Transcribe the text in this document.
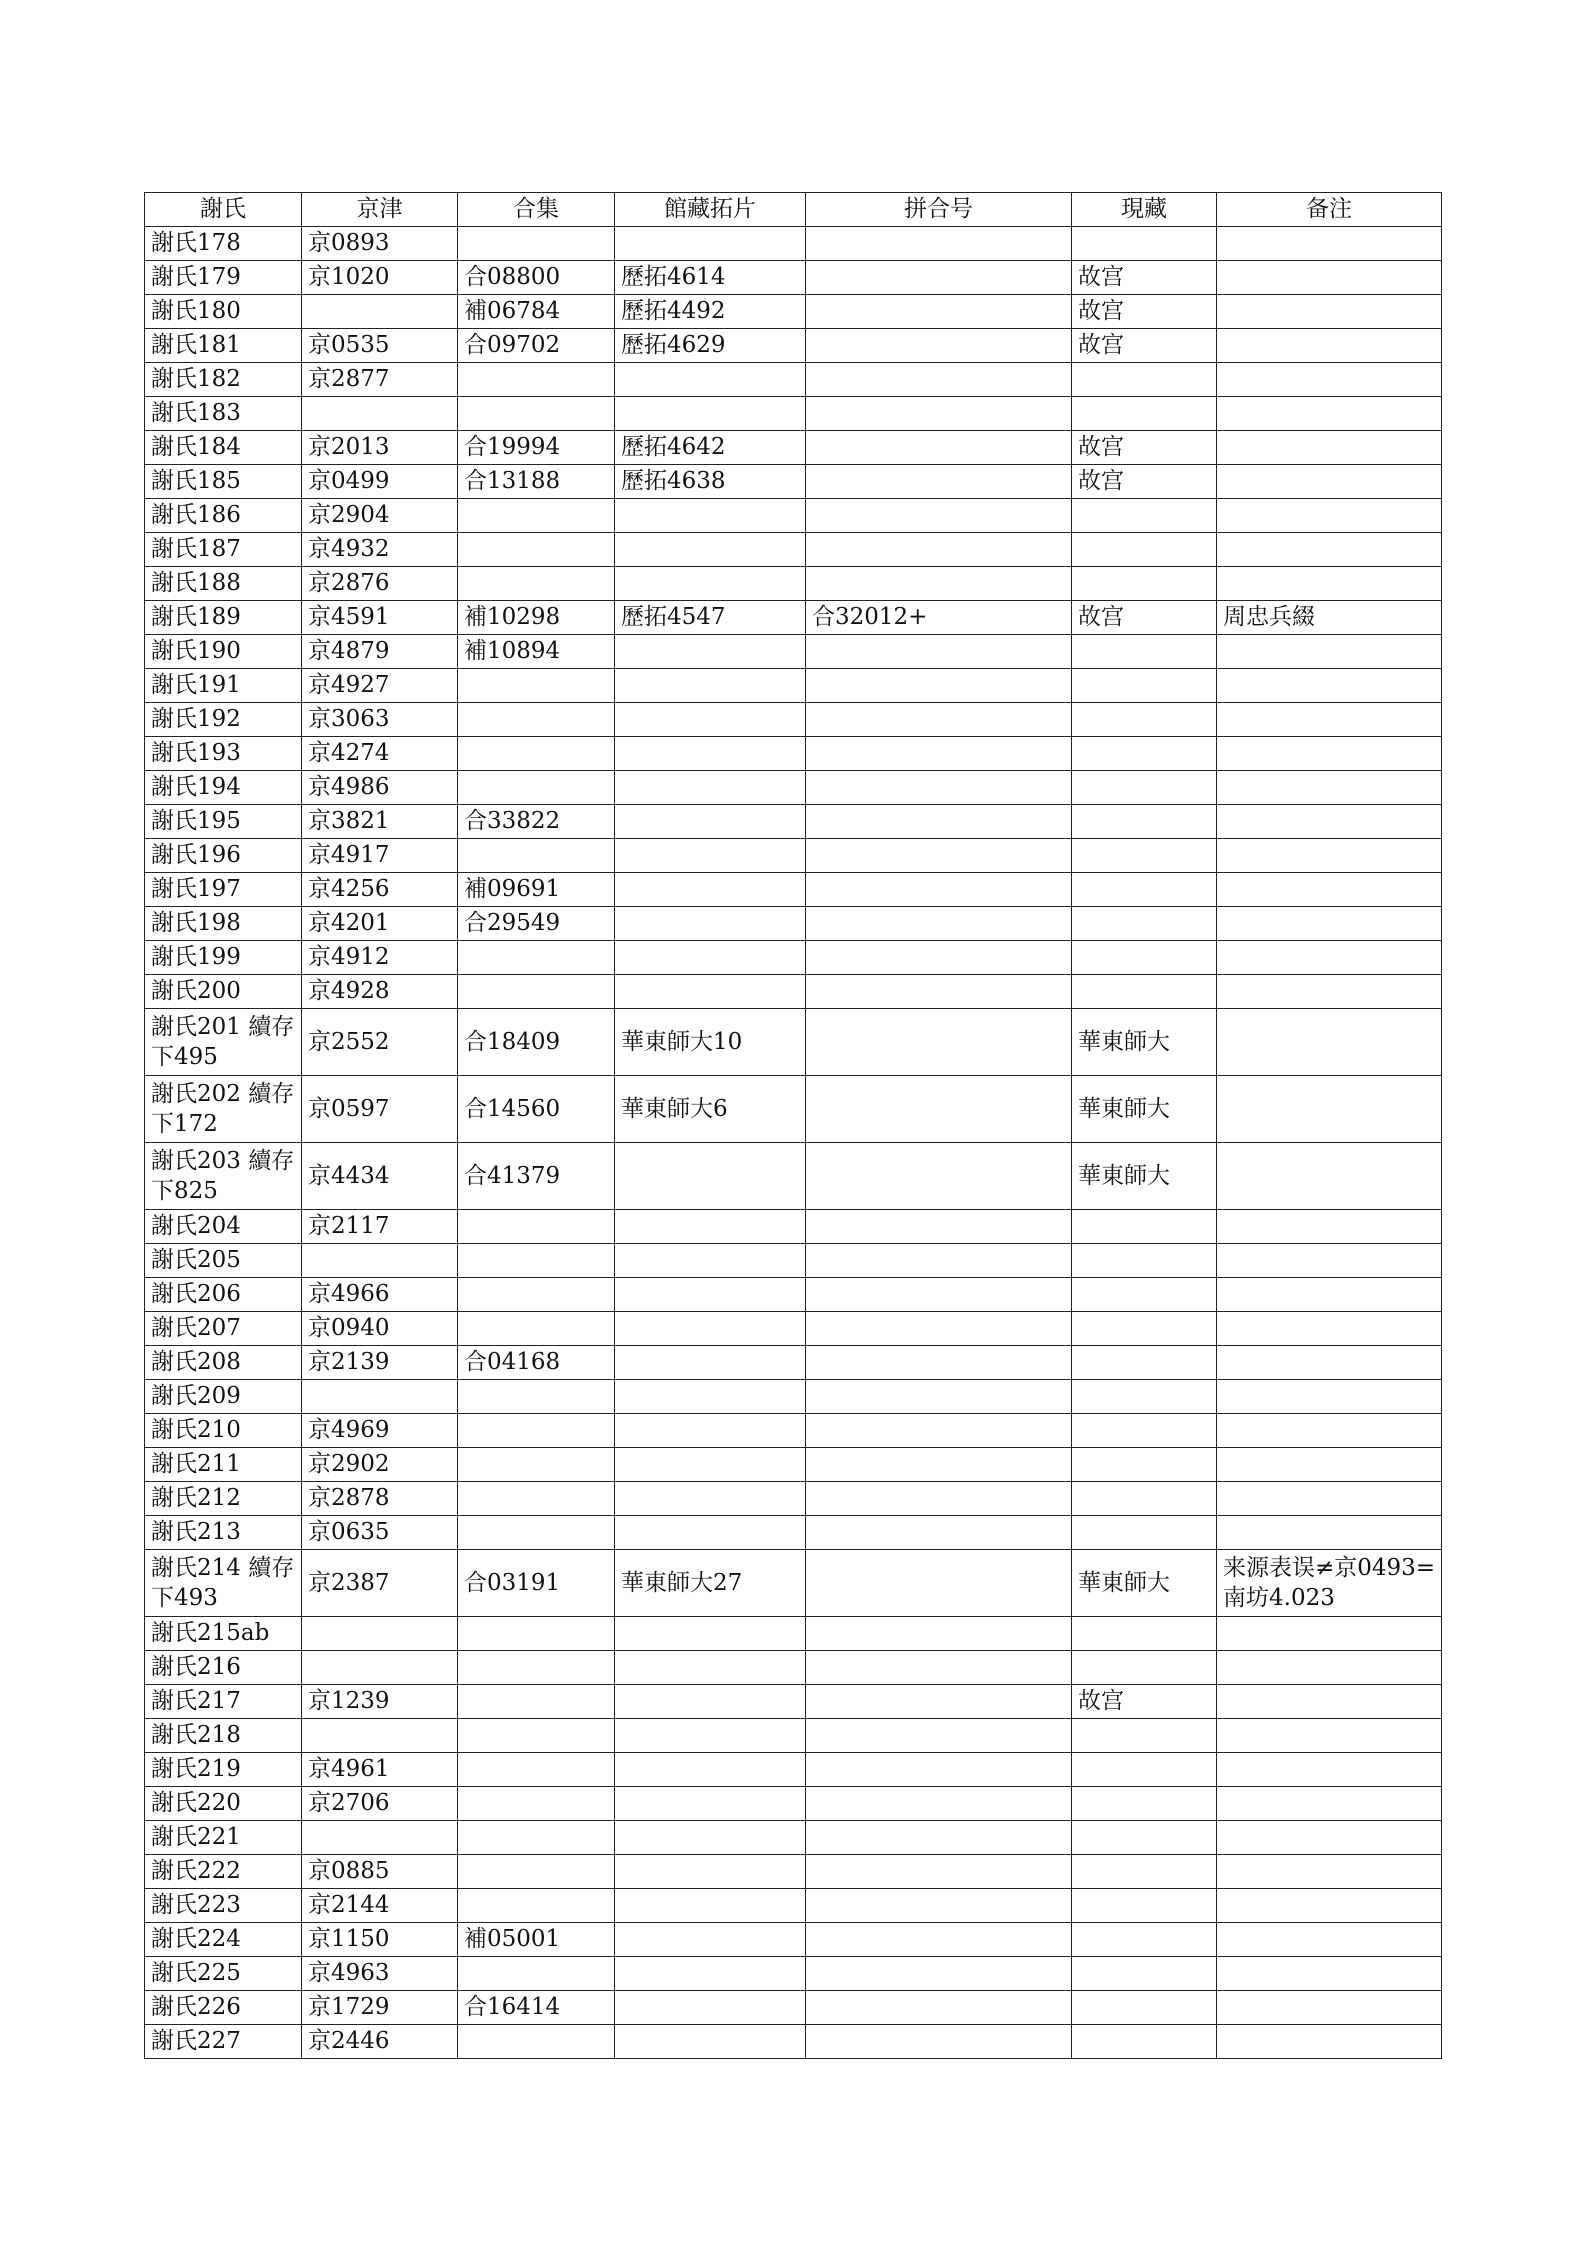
謝氏	京津	合集	館藏拓片	拼合号	現藏	备注
謝氏178	京0893					
謝氏179	京1020	合08800	歷拓4614		故宫	
謝氏180		補06784	歷拓4492		故宫	
謝氏181	京0535	合09702	歷拓4629		故宫	
謝氏182	京2877					
謝氏183						
謝氏184	京2013	合19994	歷拓4642		故宫	
謝氏185	京0499	合13188	歷拓4638		故宫	
謝氏186	京2904					
謝氏187	京4932					
謝氏188	京2876					
謝氏189	京4591	補10298	歷拓4547	合32012+	故宫	周忠兵綴
謝氏190	京4879	補10894				
謝氏191	京4927					
謝氏192	京3063					
謝氏193	京4274					
謝氏194	京4986					
謝氏195	京3821	合33822				
謝氏196	京4917					
謝氏197	京4256	補09691				
謝氏198	京4201	合29549				
謝氏199	京4912					
謝氏200	京4928					

謝氏201 續存下495	京2552	合18409	華東師大10		華東師大	

謝氏202 續存下172	京0597	合14560	華東師大6		華東師大	

謝氏203 續存下825	京4434	合41379			華東師大	
謝氏204	京2117					
謝氏205						
謝氏206	京4966					
謝氏207	京0940					
謝氏208	京2139	合04168				
謝氏209						
謝氏210	京4969					
謝氏211	京2902					
謝氏212	京2878					
謝氏213	京0635					

謝氏214 續存下493	京2387	合03191	華東師大27		華東師大	来源表误≠京0493=南坊4.023

謝氏215ab						
謝氏216						
謝氏217	京1239				故宫	
謝氏218						
謝氏219	京4961					
謝氏220	京2706					
謝氏221						
謝氏222	京0885					
謝氏223	京2144					
謝氏224	京1150	補05001				
謝氏225	京4963					
謝氏226	京1729	合16414				
謝氏227	京2446					
